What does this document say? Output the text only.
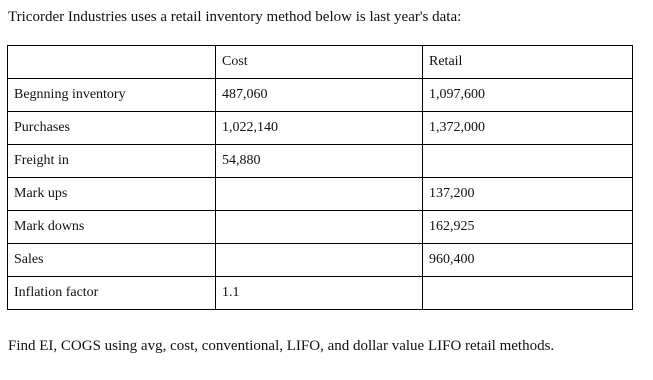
Tricorder Industries uses a retail inventory method below is last year's data:
	Cost	Retail
Begnning inventory	487,060	1,097,600
Purchases	1,022,140	1,372,000
Freight in	54,880	
Mark ups		137,200
Mark downs		162,925
Sales		960,400
Inflation factor	1.1	
Find EI, COGS using avg, cost, conventional, LIFO, and dollar value LIFO retail methods.
